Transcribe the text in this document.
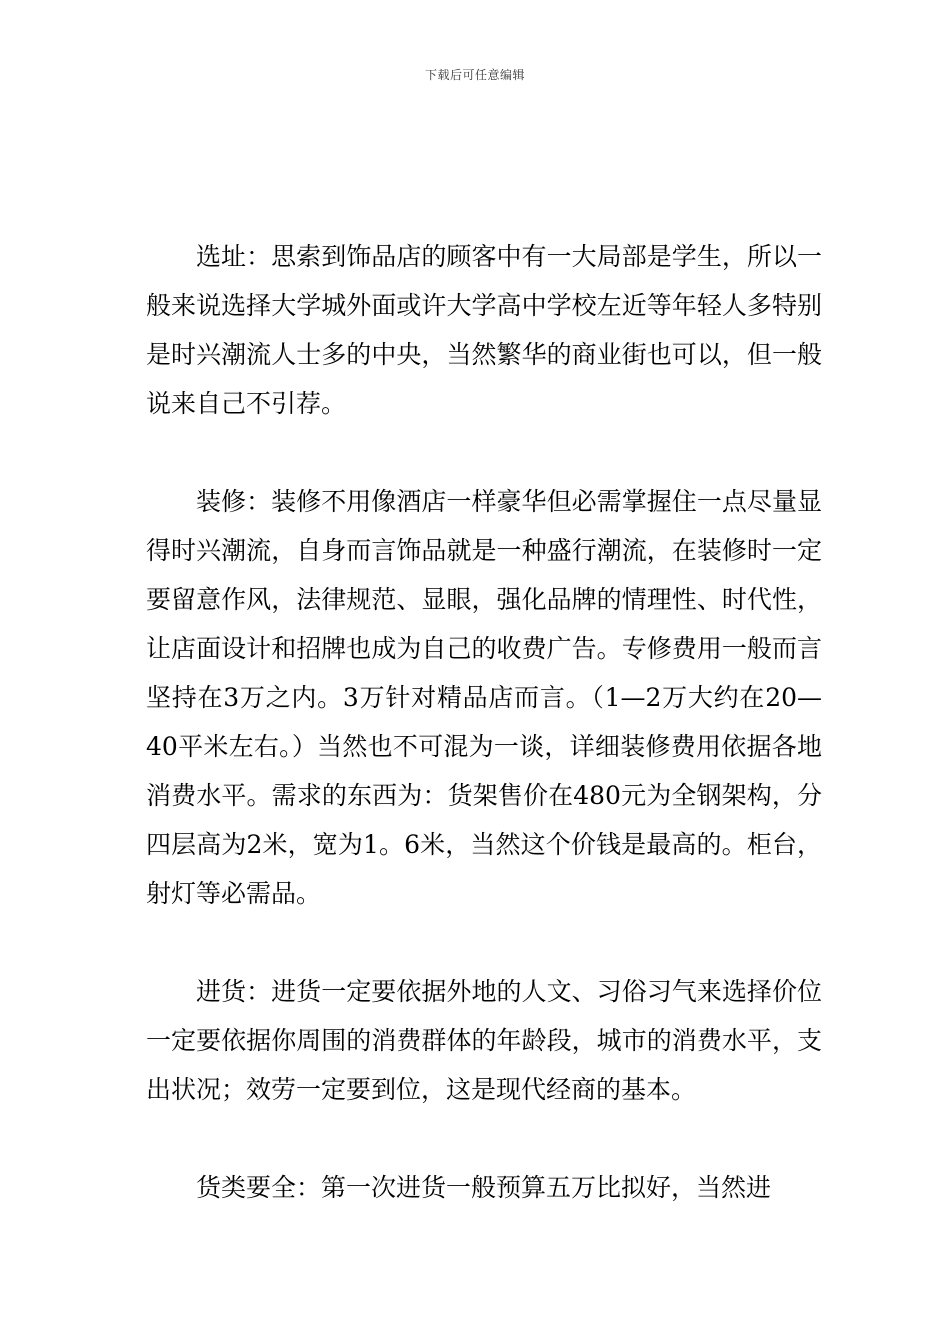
下载后可任意编辑

选址：思索到饰品店的顾客中有一大局部是学生，所以一般来说选择大学城外面或许大学高中学校左近等年轻人多特别是时兴潮流人士多的中央，当然繁华的商业街也可以，但一般说来自己不引荐。

装修：装修不用像酒店一样豪华但必需掌握住一点尽量显得时兴潮流，自身而言饰品就是一种盛行潮流，在装修时一定要留意作风，法律规范、显眼，强化品牌的情理性、时代性，让店面设计和招牌也成为自己的收费广告。专修费用一般而言坚持在3万之内。3万针对精品店而言。（1—2万大约在20—40平米左右。）当然也不可混为一谈，详细装修费用依据各地消费水平。需求的东西为：货架售价在480元为全钢架构，分四层高为2米，宽为1。6米，当然这个价钱是最高的。柜台，射灯等必需品。

进货：进货一定要依据外地的人文、习俗习气来选择价位一定要依据你周围的消费群体的年龄段，城市的消费水平，支出状况；效劳一定要到位，这是现代经商的基本。

货类要全：第一次进货一般预算五万比拟好，当然进
